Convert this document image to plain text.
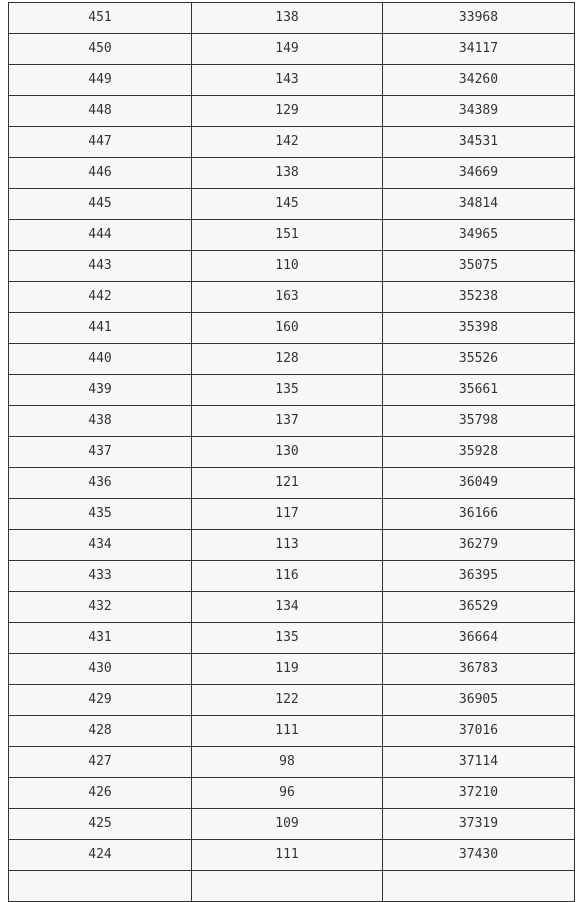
451	138	33968
450	149	34117
449	143	34260
448	129	34389
447	142	34531
446	138	34669
445	145	34814
444	151	34965
443	110	35075
442	163	35238
441	160	35398
440	128	35526
439	135	35661
438	137	35798
437	130	35928
436	121	36049
435	117	36166
434	113	36279
433	116	36395
432	134	36529
431	135	36664
430	119	36783
429	122	36905
428	111	37016
427	98	37114
426	96	37210
425	109	37319
424	111	37430
